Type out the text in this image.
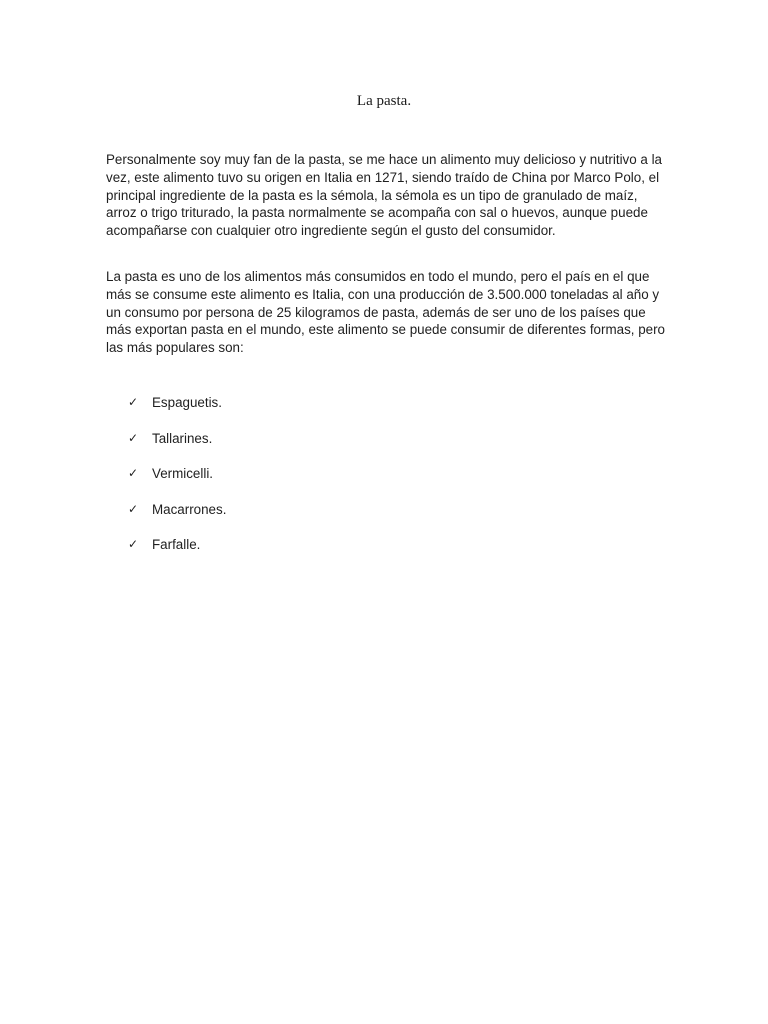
La pasta.

Personalmente soy muy fan de la pasta, se me hace un alimento muy delicioso y nutritivo a la vez, este alimento tuvo su origen en Italia en 1271, siendo traído de China por Marco Polo, el principal ingrediente de la pasta es la sémola, la sémola es un tipo de granulado de maíz, arroz o trigo triturado, la pasta normalmente se acompaña con sal o huevos, aunque puede acompañarse con cualquier otro ingrediente según el gusto del consumidor.

La pasta es uno de los alimentos más consumidos en todo el mundo, pero el país en el que más se consume este alimento es Italia, con una producción de 3.500.000 toneladas al año y un consumo por persona de 25 kilogramos de pasta, además de ser uno de los países que más exportan pasta en el mundo, este alimento se puede consumir de diferentes formas, pero las más populares son:

✓	Espaguetis.
✓	Tallarines.
✓	Vermicelli.
✓	Macarrones.
✓	Farfalle.
